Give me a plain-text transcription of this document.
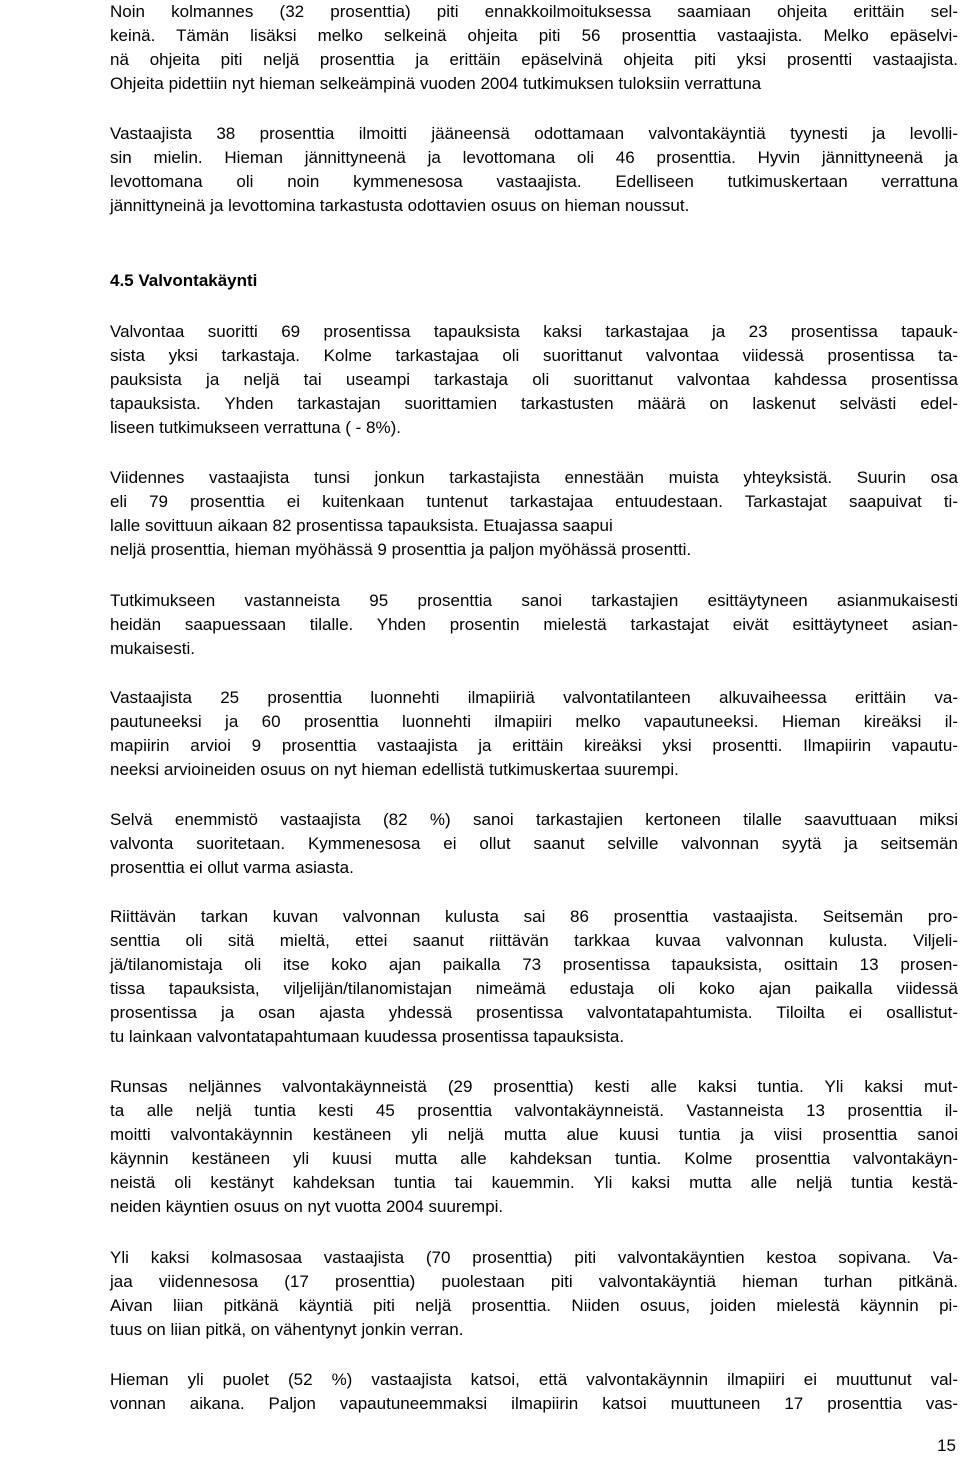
Noin kolmannes (32 prosenttia) piti ennakkoilmoituksessa saamiaan ohjeita erittäin sel-
keinä. Tämän lisäksi melko selkeinä ohjeita piti 56 prosenttia vastaajista. Melko epäselvi-
nä ohjeita piti neljä prosenttia ja erittäin epäselvinä ohjeita piti yksi prosentti vastaajista.
Ohjeita pidettiin nyt hieman selkeämpinä vuoden 2004 tutkimuksen tuloksiin verrattuna

Vastaajista 38 prosenttia ilmoitti jääneensä odottamaan valvontakäyntiä tyynesti ja levolli-
sin mielin. Hieman jännittyneenä ja levottomana oli 46 prosenttia. Hyvin jännittyneenä ja
levottomana oli noin kymmenesosa vastaajista. Edelliseen tutkimuskertaan verrattuna
jännittyneinä ja levottomina tarkastusta odottavien osuus on hieman noussut.

4.5 Valvontakäynti

Valvontaa suoritti 69 prosentissa tapauksista kaksi tarkastajaa ja 23 prosentissa tapauk-
sista yksi tarkastaja. Kolme tarkastajaa oli suorittanut valvontaa viidessä prosentissa ta-
pauksista ja neljä tai useampi tarkastaja oli suorittanut valvontaa kahdessa prosentissa
tapauksista. Yhden tarkastajan suorittamien tarkastusten määrä on laskenut selvästi edel-
liseen tutkimukseen verrattuna ( - 8%).

Viidennes vastaajista tunsi jonkun tarkastajista ennestään muista yhteyksistä. Suurin osa
eli 79 prosenttia ei kuitenkaan tuntenut tarkastajaa entuudestaan. Tarkastajat saapuivat ti-
lalle sovittuun aikaan 82 prosentissa tapauksista. Etuajassa saapui
neljä prosenttia, hieman myöhässä 9 prosenttia ja paljon myöhässä prosentti.

Tutkimukseen vastanneista 95 prosenttia sanoi tarkastajien esittäytyneen asianmukaisesti
heidän saapuessaan tilalle. Yhden prosentin mielestä tarkastajat eivät esittäytyneet asian-
mukaisesti.

Vastaajista 25 prosenttia luonnehti ilmapiiriä valvontatilanteen alkuvaiheessa erittäin va-
pautuneeksi ja 60 prosenttia luonnehti ilmapiiri melko vapautuneeksi. Hieman kireäksi il-
mapiirin arvioi 9 prosenttia vastaajista ja erittäin kireäksi yksi prosentti. Ilmapiirin vapautu-
neeksi arvioineiden osuus on nyt hieman edellistä tutkimuskertaa suurempi.

Selvä enemmistö vastaajista (82 %) sanoi tarkastajien kertoneen tilalle saavuttuaan miksi
valvonta suoritetaan. Kymmenesosa ei ollut saanut selville valvonnan syytä ja seitsemän
prosenttia ei ollut varma asiasta.

Riittävän tarkan kuvan valvonnan kulusta sai 86 prosenttia vastaajista. Seitsemän pro-
senttia oli sitä mieltä, ettei saanut riittävän tarkkaa kuvaa valvonnan kulusta. Viljeli-
jä/tilanomistaja oli itse koko ajan paikalla 73 prosentissa tapauksista, osittain 13 prosen-
tissa tapauksista, viljelijän/tilanomistajan nimeämä edustaja oli koko ajan paikalla viidessä
prosentissa ja osan ajasta yhdessä prosentissa valvontatapahtumista. Tiloilta ei osallistut-
tu lainkaan valvontatapahtumaan kuudessa prosentissa tapauksista.

Runsas neljännes valvontakäynneistä (29 prosenttia) kesti alle kaksi tuntia. Yli kaksi mut-
ta alle neljä tuntia kesti 45 prosenttia valvontakäynneistä. Vastanneista 13 prosenttia il-
moitti valvontakäynnin kestäneen yli neljä mutta alue kuusi tuntia ja viisi prosenttia sanoi
käynnin kestäneen yli kuusi mutta alle kahdeksan tuntia. Kolme prosenttia valvontakäyn-
neistä oli kestänyt kahdeksan tuntia tai kauemmin. Yli kaksi mutta alle neljä tuntia kestä-
neiden käyntien osuus on nyt vuotta 2004 suurempi.

Yli kaksi kolmasosaa vastaajista (70 prosenttia) piti valvontakäyntien kestoa sopivana. Va-
jaa viidennesosa (17 prosenttia) puolestaan piti valvontakäyntiä hieman turhan pitkänä.
Aivan liian pitkänä käyntiä piti neljä prosenttia. Niiden osuus, joiden mielestä käynnin pi-
tuus on liian pitkä, on vähentynyt jonkin verran.

Hieman yli puolet (52 %) vastaajista katsoi, että valvontakäynnin ilmapiiri ei muuttunut val-
vonnan aikana. Paljon vapautuneemmaksi ilmapiirin katsoi muuttuneen 17 prosenttia vas-

15
